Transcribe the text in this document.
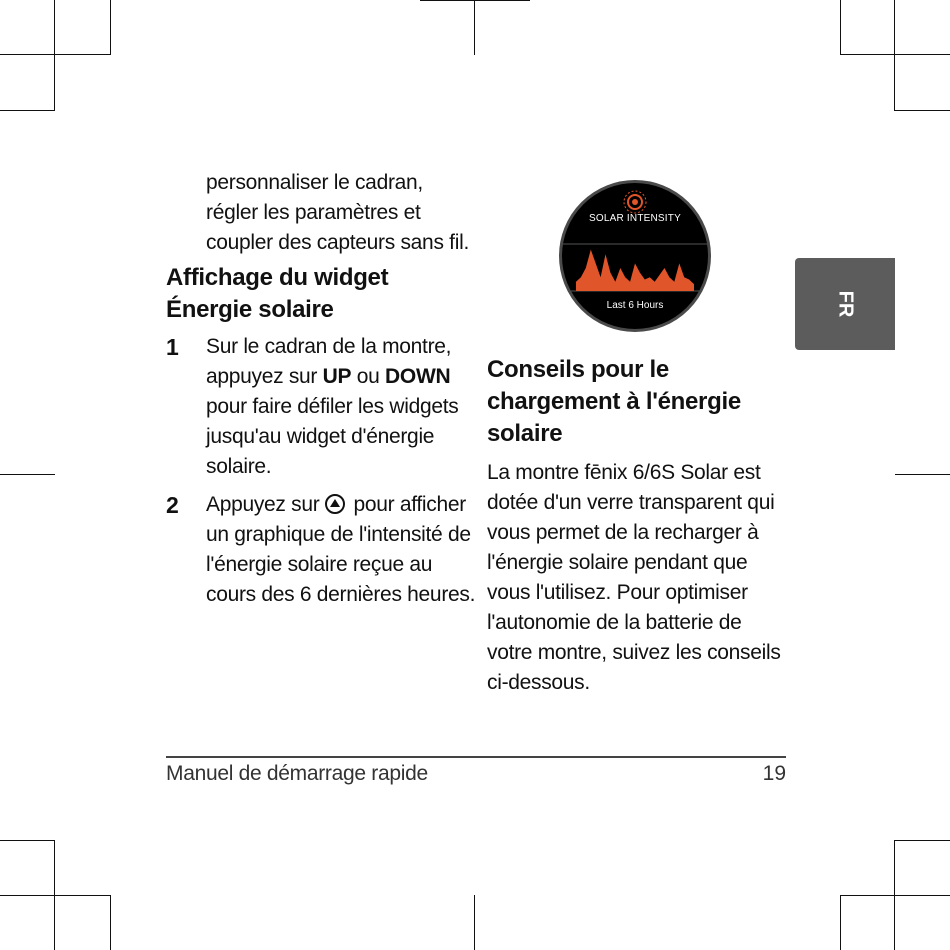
personnaliser le cadran, régler les paramètres et coupler des capteurs sans fil.

Affichage du widget Énergie solaire
1	Sur le cadran de la montre, appuyez sur UP ou DOWN pour faire défiler les widgets jusqu'au widget d'énergie solaire.
2	Appuyez sur  pour afficher un graphique de l'intensité de l'énergie solaire reçue au cours des 6 dernières heures.
SOLAR INTENSITY
Last 6 Hours
Conseils pour le chargement à l'énergie solaire

La montre fēnix 6/6S Solar est dotée d'un verre transparent qui vous permet de la recharger à l'énergie solaire pendant que vous l'utilisez. Pour optimiser l'autonomie de la batterie de votre montre, suivez les conseils ci-dessous.

FR
Manuel de démarrage rapide	19
